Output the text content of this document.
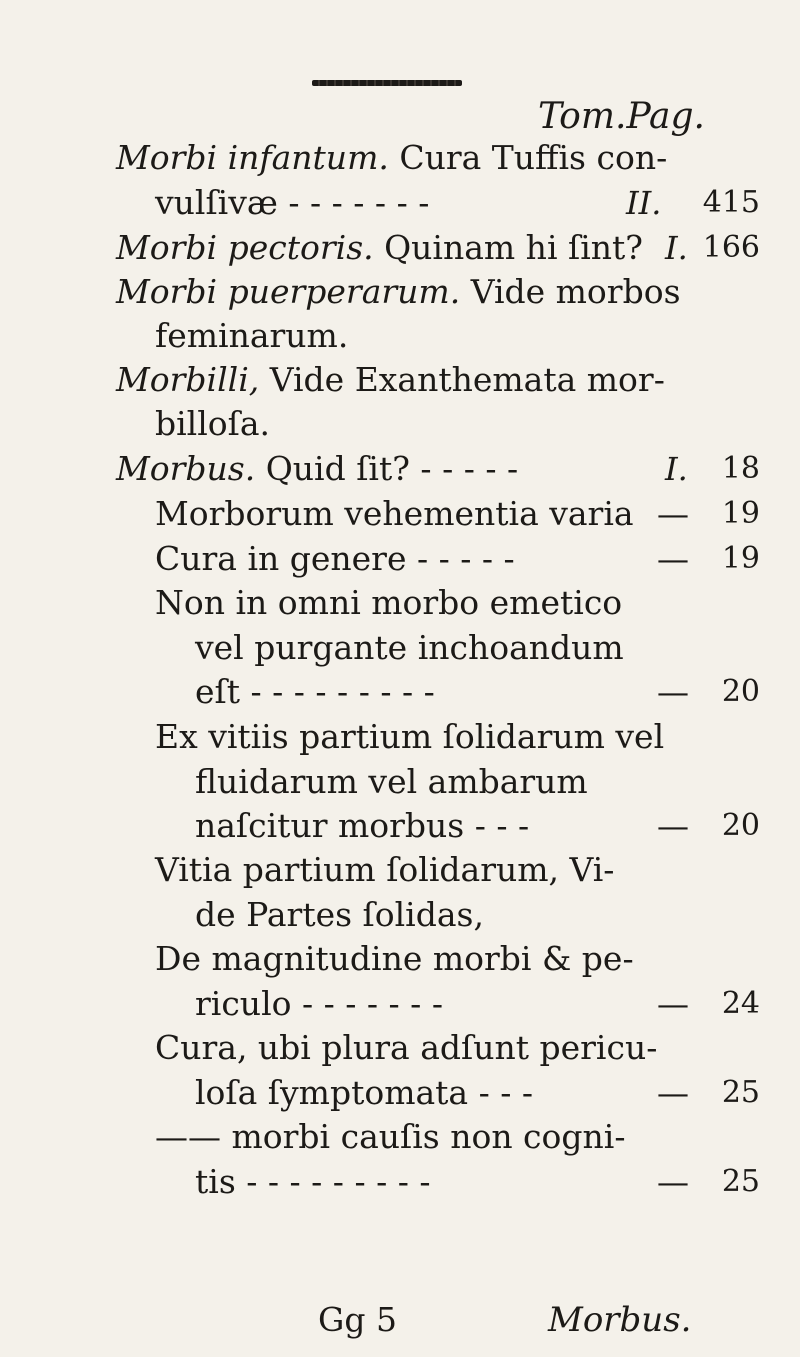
Tom.Pag.
Morbi infantum. Cura Tuffis con-
vulſivæ - - - - - - -	II.	415
Morbi pectoris. Quinam hi ſint? I. 166
Morbi puerperarum. Vide morbos
feminarum.
Morbilli, Vide Exanthemata mor-
billoſa.
Morbus. Quid ſit? - - - - -	I.	18
Morborum vehementia varia —	19
Cura in genere - - - - -	—	19
Non in omni morbo emetico
vel purgante inchoandum
eſt - - - - - - - - -	—	20
Ex vitiis partium ſolidarum vel
fluidarum vel ambarum
naſcitur morbus - - -	—	20
Vitia partium ſolidarum, Vi-
de Partes ſolidas,
De magnitudine morbi & pe-
riculo - - - - - - -	—	24
Cura, ubi plura adſunt pericu-
loſa ſymptomata - - -	—	25
—— morbi cauſis non cogni-
tis - - - - - - - - -	—	25
Gg 5	Morbus.
